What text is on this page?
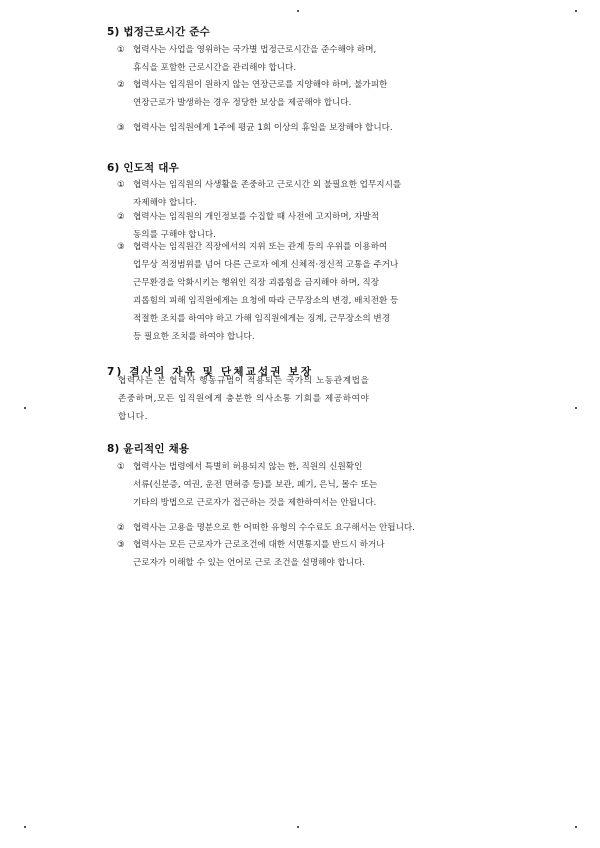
5) 법정근로시간 준수
① 협력사는 사업을 영위하는 국가별 법정근로시간을 준수해야 하며,
휴식을 포함한 근로시간을 관리해야 합니다.
② 협력사는 임직원이 원하지 않는 연장근로를 지양해야 하며, 불가피한
연장근로가 발생하는 경우 정당한 보상을 제공해야 합니다.
③ 협력사는 임직원에게 1주에 평균 1회 이상의 휴일을 보장해야 합니다.
6) 인도적 대우
① 협력사는 임직원의 사생활을 존중하고 근로시간 외 불필요한 업무지시를
자제해야 합니다.
② 협력사는 임직원의 개인정보를 수집할 때 사전에 고지하며, 자발적
동의를 구해야 합니다.
③ 협력사는 임직원간 직장에서의 지위 또는 관계 등의 우위를 이용하여
업무상 적정범위를 넘어 다른 근로자 에게 신체적·정신적 고통을 주거나
근무환경을 악화시키는 행위인 직장 괴롭힘을 금지해야 하며, 직장
괴롭힘의 피해 임직원에게는 요청에 따라 근무장소의 변경, 배치전환 등
적절한 조치를 하여야 하고 가해 임직원에게는 징계, 근무장소의 변경
등 필요한 조치를 하여야 합니다.
7) 결사의 자유 및 단체교섭권 보장
협력사는 본 협력사 행동규범이 적용되는 국가의 노동관계법을
존중하며,모든 임직원에게 충분한 의사소통 기회를 제공하여야
합니다.
8) 윤리적인 채용
① 협력사는 법령에서 특별히 허용되지 않는 한, 직원의 신원확인
서류(신분증, 여권, 운전 면허증 등)를 보관, 폐기, 은닉, 몰수 또는
기타의 방법으로 근로자가 접근하는 것을 제한하여서는 안됩니다.
② 협력사는 고용을 명분으로 한 어떠한 유형의 수수료도 요구해서는 안됩니다.
③ 협력사는 모든 근로자가 근로조건에 대한 서면통지를 반드시 하거나
근로자가 이해할 수 있는 언어로 근로 조건을 설명해야 합니다.
